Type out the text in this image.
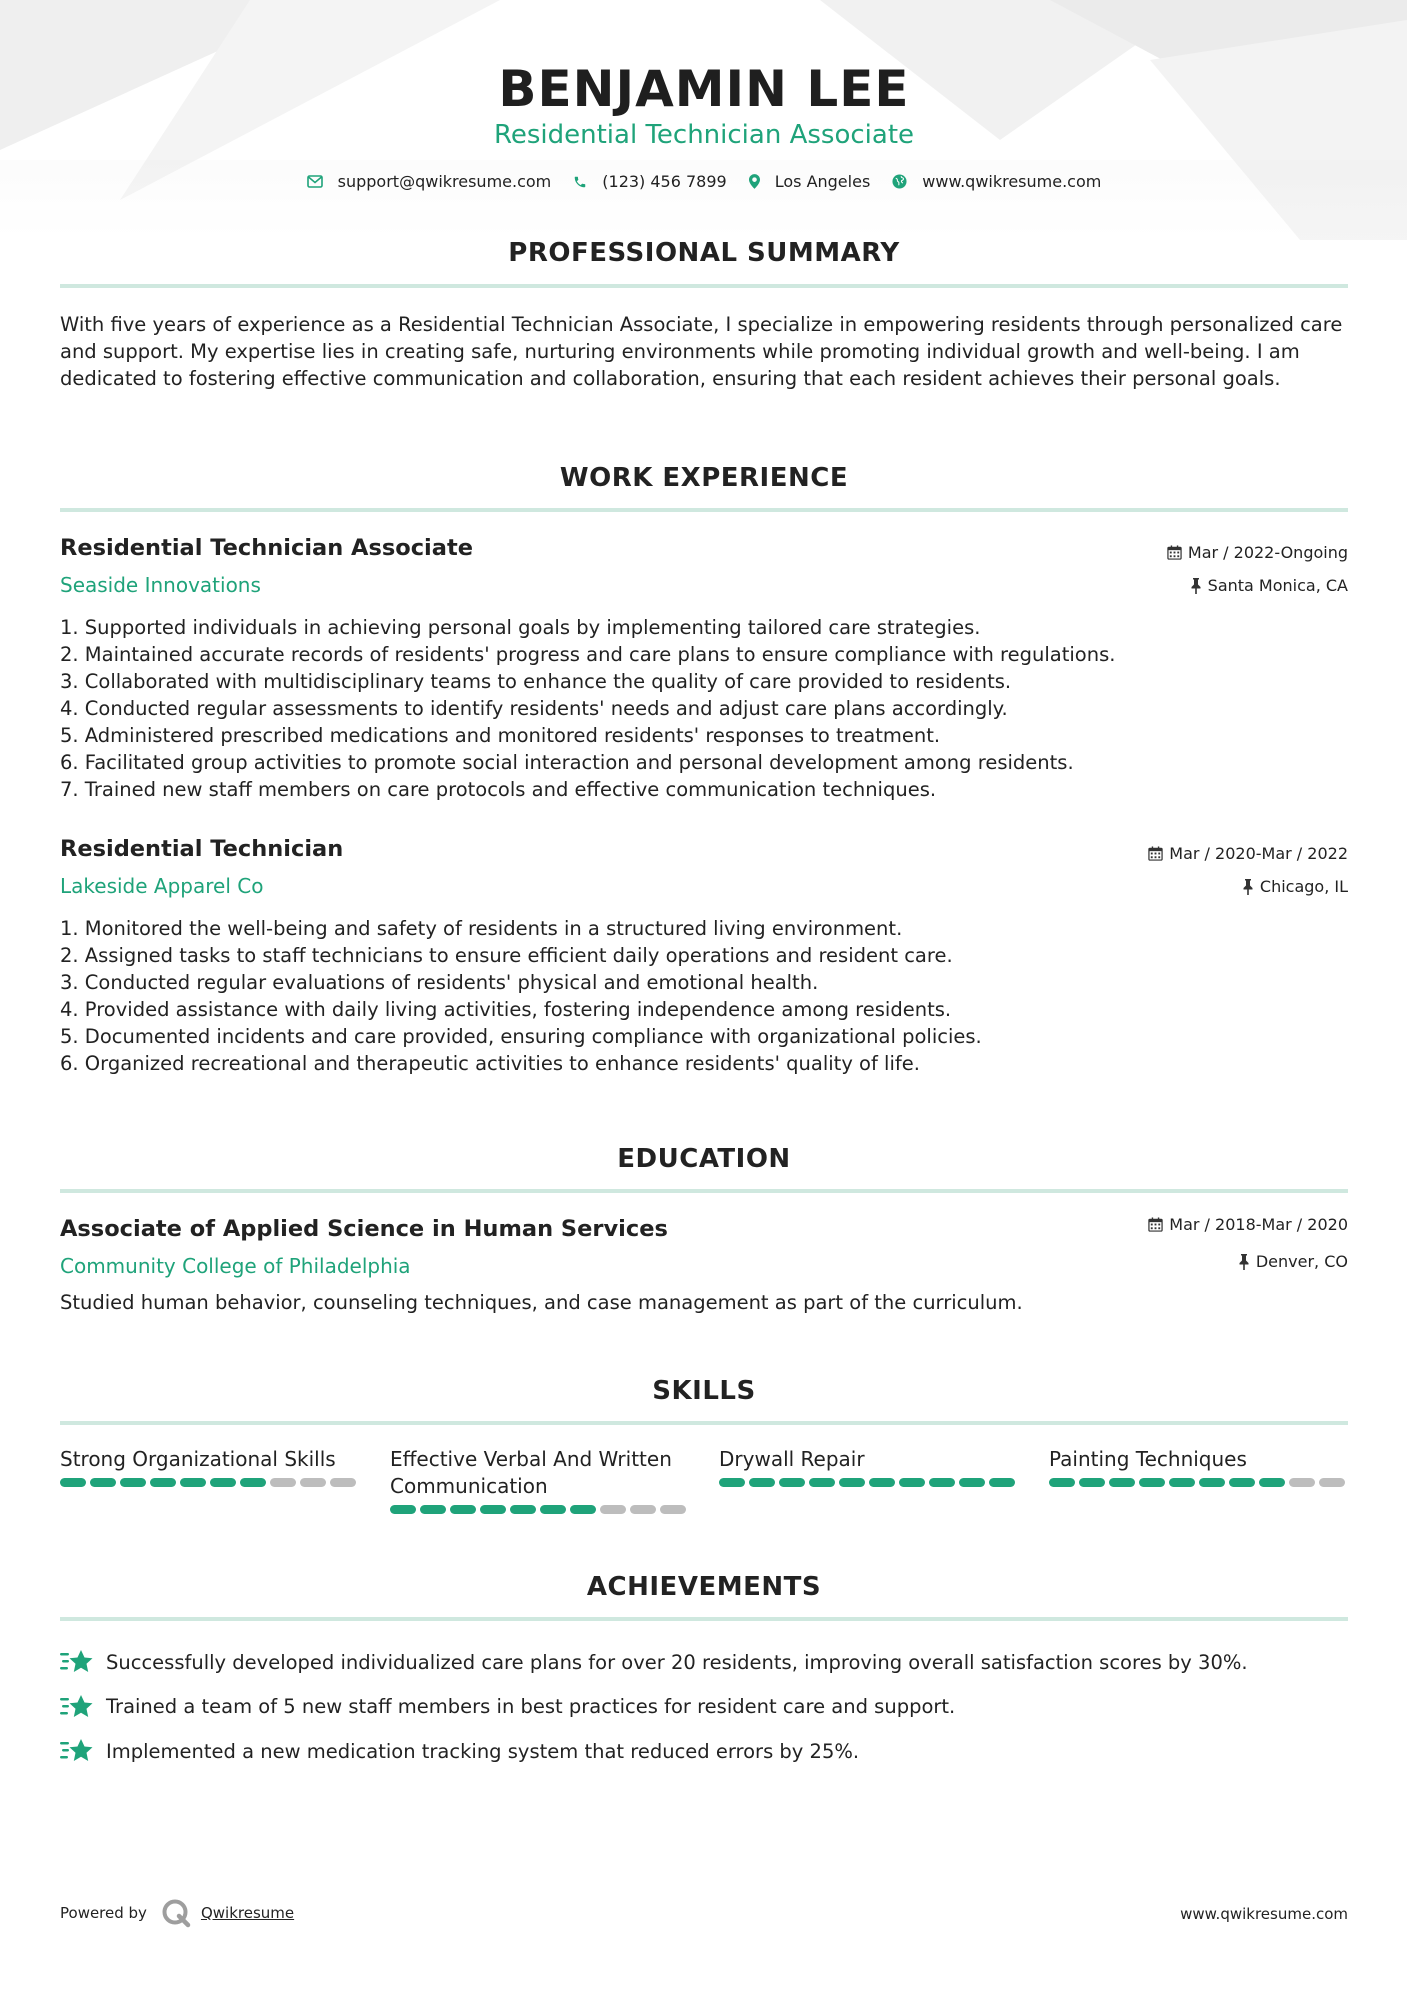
BENJAMIN LEE
Residential Technician Associate
support@qwikresume.com	(123) 456 7899	Los Angeles	www.qwikresume.com
PROFESSIONAL SUMMARY
With five years of experience as a Residential Technician Associate, I specialize in empowering residents through personalized care and support. My expertise lies in creating safe, nurturing environments while promoting individual growth and well-being. I am dedicated to fostering effective communication and collaboration, ensuring that each resident achieves their personal goals.
WORK EXPERIENCE
Residential Technician Associate
Seaside Innovations
Mar / 2022-Ongoing
Santa Monica, CA
1. Supported individuals in achieving personal goals by implementing tailored care strategies.
2. Maintained accurate records of residents' progress and care plans to ensure compliance with regulations.
3. Collaborated with multidisciplinary teams to enhance the quality of care provided to residents.
4. Conducted regular assessments to identify residents' needs and adjust care plans accordingly.
5. Administered prescribed medications and monitored residents' responses to treatment.
6. Facilitated group activities to promote social interaction and personal development among residents.
7. Trained new staff members on care protocols and effective communication techniques.
Residential Technician
Lakeside Apparel Co
Mar / 2020-Mar / 2022
Chicago, IL
1. Monitored the well-being and safety of residents in a structured living environment.
2. Assigned tasks to staff technicians to ensure efficient daily operations and resident care.
3. Conducted regular evaluations of residents' physical and emotional health.
4. Provided assistance with daily living activities, fostering independence among residents.
5. Documented incidents and care provided, ensuring compliance with organizational policies.
6. Organized recreational and therapeutic activities to enhance residents' quality of life.
EDUCATION
Associate of Applied Science in Human Services
Community College of Philadelphia
Mar / 2018-Mar / 2020
Denver, CO
Studied human behavior, counseling techniques, and case management as part of the curriculum.
SKILLS
Strong Organizational Skills	Effective Verbal And Written Communication
Drywall Repair	Painting Techniques
ACHIEVEMENTS
Successfully developed individualized care plans for over 20 residents, improving overall satisfaction scores by 30%.
Trained a team of 5 new staff members in best practices for resident care and support.
Implemented a new medication tracking system that reduced errors by 25%.
Powered by	Qwikresume	www.qwikresume.com
